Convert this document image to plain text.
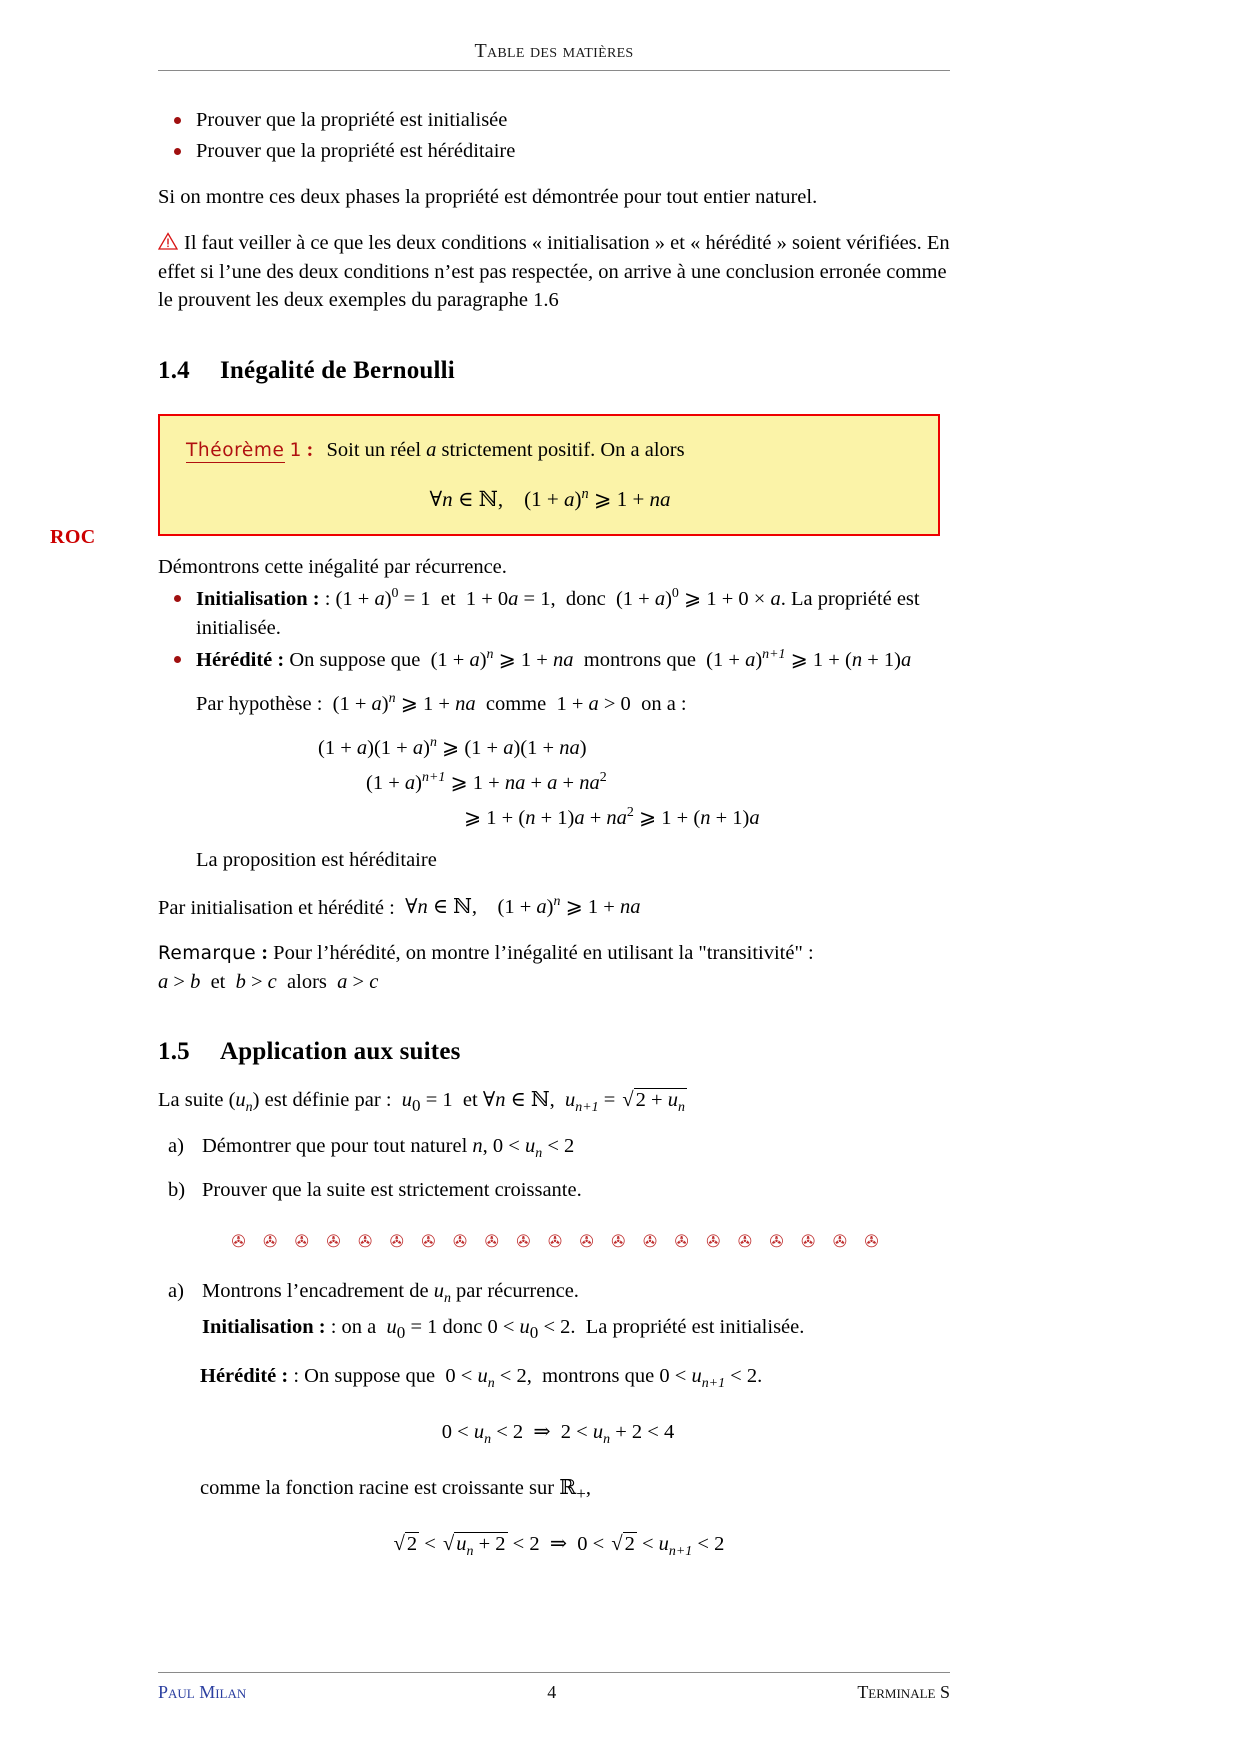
Table des matières
ROC
Prouver que la propriété est initialisée
Prouver que la propriété est héréditaire

Si on montre ces deux phases la propriété est démontrée pour tout entier naturel.

Il faut veiller à ce que les deux conditions « initialisation » et « hérédité » soient vérifiées. En effet si l’une des deux conditions n’est pas respectée, on arrive à une conclusion erronée comme le prouvent les deux exemples du paragraphe 1.6
1.4 Inégalité de Bernoulli
Théorème 1 : Soit un réel a strictement positif. On a alors
∀n ∈ ℕ,    $(1 + a)^n$ ⩾ 1 + na

Démontrons cette inégalité par récurrence.

Initialisation : : $(1 + a)^0 = 1$  et  1 + 0a = 1,  donc  $(1 + a)^0$ ⩾ 1 + 0 × a. La propriété est initialisée.
Hérédité : On suppose que  $(1 + a)^n$ ⩾ 1 + na  montrons que  $(1 + a)^{n+1}$ ⩾ 1 + (n + 1)a
Par hypothèse :  $(1 + a)^n$ ⩾ 1 + na  comme  1 + a > 0  on a :
$(1 + a)(1 + a)^n$ ⩾ (1 + a)(1 + na)
$(1 + a)^{n+1}$ ⩾ 1 + na + $a + na^2$
⩾ $1 + (n + 1)a + na^2$ ⩾ 1 + (n + 1)a
La proposition est héréditaire

Par initialisation et hérédité :  ∀n ∈ ℕ,    $(1 + a)^n$ ⩾ 1 + na

Remarque : Pour l’hérédité, on montre l’inégalité en utilisant la "transitivité" :
a > b  et  b > c  alors  a > c

1.5 Application aux suites

La suite $(u_n)$ est définie par :  $u_0 = 1$  et ∀n ∈ ℕ,  $u_{n+1} = √2 + u_n$

a) Démontrer que pour tout naturel n, $0 < u_n < 2$
b) Prouver que la suite est strictement croissante.
✇ ✇ ✇ ✇ ✇ ✇ ✇ ✇ ✇ ✇ ✇ ✇ ✇ ✇ ✇ ✇ ✇ ✇ ✇ ✇ ✇
a) Montrons l’encadrement de $u_n$ par récurrence.
Initialisation : : on a  $u_0 = 1$ donc $0 < u_0 < 2$.  La propriété est initialisée.

Hérédité : : On suppose que  $0 < u_n < 2$,  montrons que $0 < u_{n+1} < 2$.

$0 < u_n < 2$  ⇒  $2 < u_n + 2 < 4$

comme la fonction racine est croissante sur ℝ$_+$,

$√2 < √u_n + 2 < 2$  ⇒  $0 < √2 < u_{n+1} < 2$
Paul Milan	4	Terminale S
